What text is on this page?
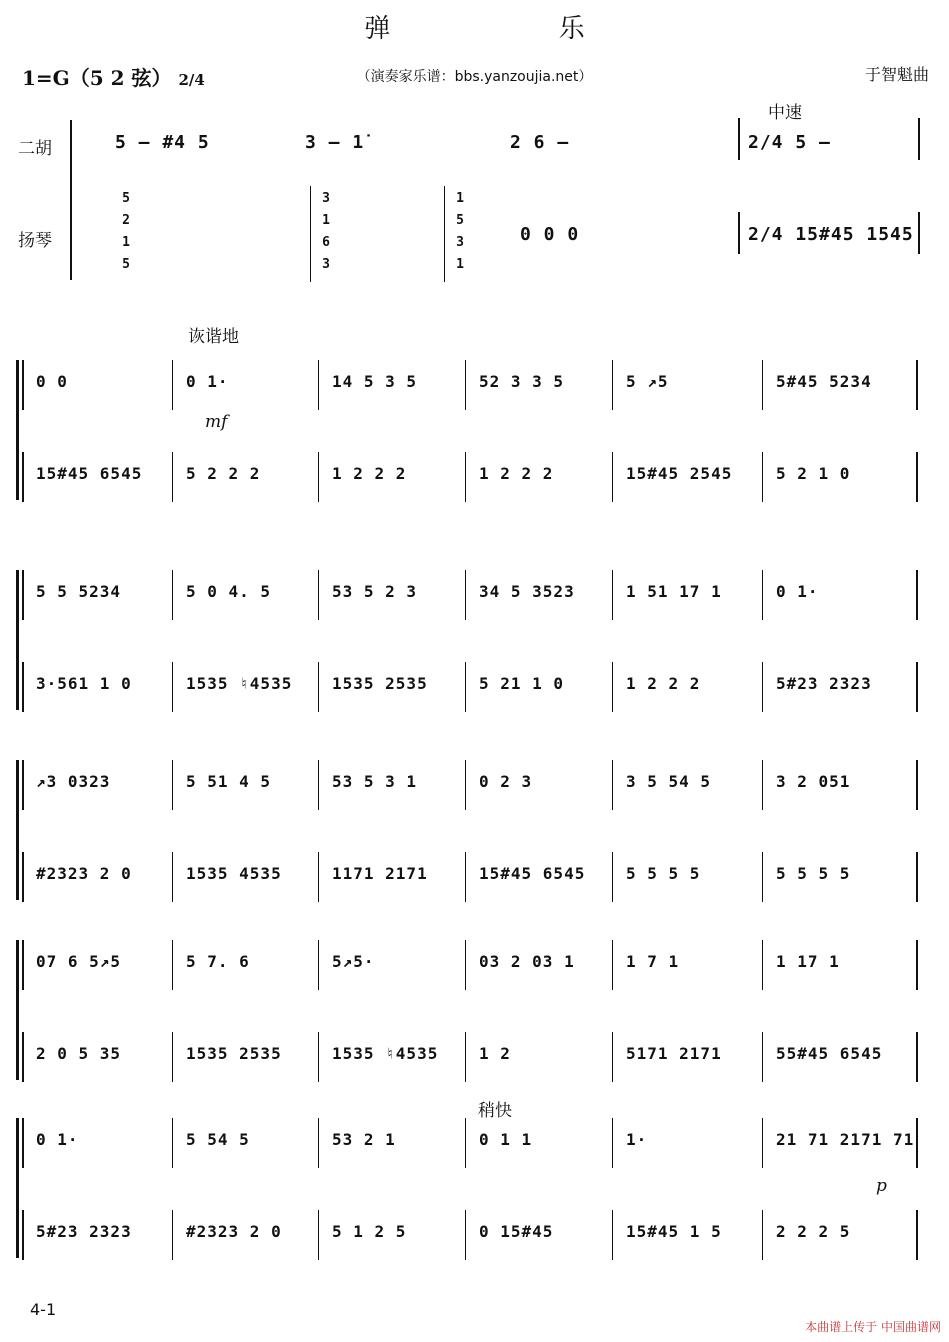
弹 乐
1=G（5 2 弦） 2/4	（演奏家乐谱：bbs.yanzoujia.net）	于智魁曲
二胡
扬琴
中速
5 – #4 5	3 – 1̇	2 6 –	2/4 5 –
5
2
1
5
3
1
6
3
1
5
3
1
0 0 0	2/4 15#45 1545
诙谐地
mf
稍快
p
0 0	0 1·	14 5 3 5	52 3 3 5	5 ↗5	5#45 5234
15#45 6545	5 2 2 2	1 2 2 2	1 2 2 2	15#45 2545	5 2 1 0
5 5 5234	5 0 4. 5	53 5 2 3	34 5 3523	1 51 17 1	0 1·
3·561 1 0	1535 ♮4535 1535 2535	5 21 1 0	1 2 2 2	5#23 2323
↗3 0323	5 51 4 5	53 5 3 1	0 2 3	3 5 54 5	3 2 051
#2323 2 0	1535 4535	1171 2171	15#45 6545	5 5 5 5	5 5 5 5
07 6 5↗5	5 7. 6	5↗5·	03 2 03 1	1 7 1	1 17 1
2 0 5 35	1535 2535	1535 ♮4535	1 2	5171 2171	55#45 6545
0 1·	5 54 5	53 2 1	0 1 1	1·	21 71 2171 71
5#23 2323	#2323 2 0	5 1 2 5	0 15#45	15#45 1 5	2 2 2 5
4-1
本曲谱上传于 中国曲谱网
